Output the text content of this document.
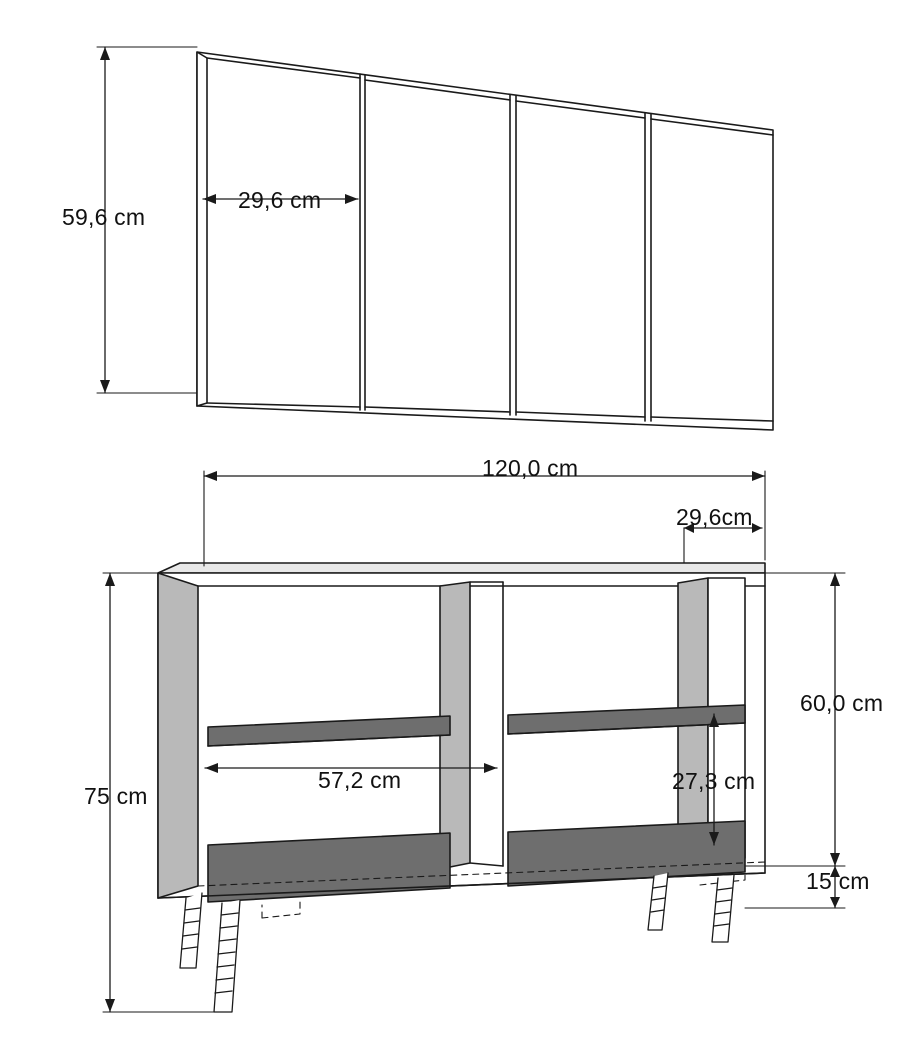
59,6 cm
29,6 cm
120,0 cm
29,6cm
60,0 cm
75 cm
15 cm
57,2 cm	27,3 cm
